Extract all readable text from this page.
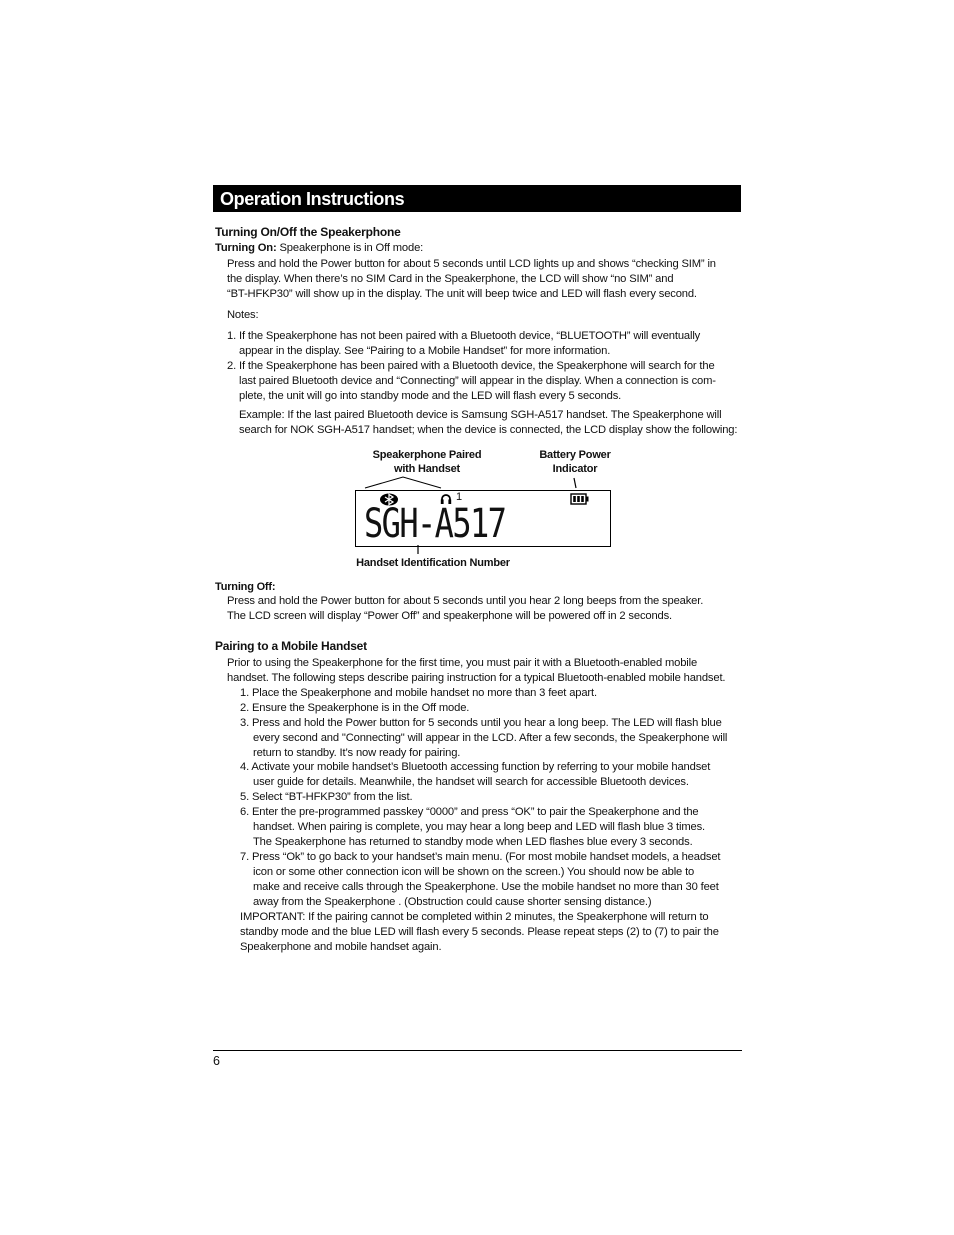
Operation Instructions
Turning On/Off the Speakerphone
Turning On: Speakerphone is in Off mode:
Press and hold the Power button for about 5 seconds until LCD lights up and shows “checking SIM” in
the display. When there’s no SIM Card in the Speakerphone, the LCD will show “no SIM” and
“BT-HFKP30” will show up in the display. The unit will beep twice and LED will flash every second.
Notes:
1. If the Speakerphone has not been paired with a Bluetooth device, “BLUETOOTH” will eventually
appear in the display. See “Pairing to a Mobile Handset” for more information.
2. If the Speakerphone has been paired with a Bluetooth device, the Speakerphone will search for the
last paired Bluetooth device and “Connecting” will appear in the display. When a connection is com-
plete, the unit will go into standby mode and the LED will flash every 5 seconds.
Example: If the last paired Bluetooth device is Samsung SGH-A517 handset. The Speakerphone will
search for NOK SGH-A517 handset; when the device is connected, the LCD display show the following:
Speakerphone Paired
with Handset
Battery Power
Indicator
1
SGH-A517
Handset Identification Number
Turning Off:
Press and hold the Power button for about 5 seconds until you hear 2 long beeps from the speaker.
The LCD screen will display “Power Off” and speakerphone will be powered off in 2 seconds.
Pairing to a Mobile Handset
Prior to using the Speakerphone for the first time, you must pair it with a Bluetooth-enabled mobile
handset. The following steps describe pairing instruction for a typical Bluetooth-enabled mobile handset.
1. Place the Speakerphone and mobile handset no more than 3 feet apart.
2. Ensure the Speakerphone is in the Off mode.
3. Press and hold the Power button for 5 seconds until you hear a long beep. The LED will flash blue
every second and "Connecting" will appear in the LCD. After a few seconds, the Speakerphone will
return to standby. It’s now ready for pairing.
4. Activate your mobile handset’s Bluetooth accessing function by referring to your mobile handset
user guide for details. Meanwhile, the handset will search for accessible Bluetooth devices.
5. Select “BT-HFKP30” from the list.
6. Enter the pre-programmed passkey “0000” and press “OK” to pair the Speakerphone and the
handset. When pairing is complete, you may hear a long beep and LED will flash blue 3 times.
The Speakerphone has returned to standby mode when LED flashes blue every 3 seconds.
7. Press “Ok” to go back to your handset’s main menu. (For most mobile handset models, a headset
icon or some other connection icon will be shown on the screen.) You should now be able to
make and receive calls through the Speakerphone. Use the mobile handset no more than 30 feet
away from the Speakerphone . (Obstruction could cause shorter sensing distance.)
IMPORTANT: If the pairing cannot be completed within 2 minutes, the Speakerphone will return to
standby mode and the blue LED will flash every 5 seconds. Please repeat steps (2) to (7) to pair the
Speakerphone and mobile handset again.
6
